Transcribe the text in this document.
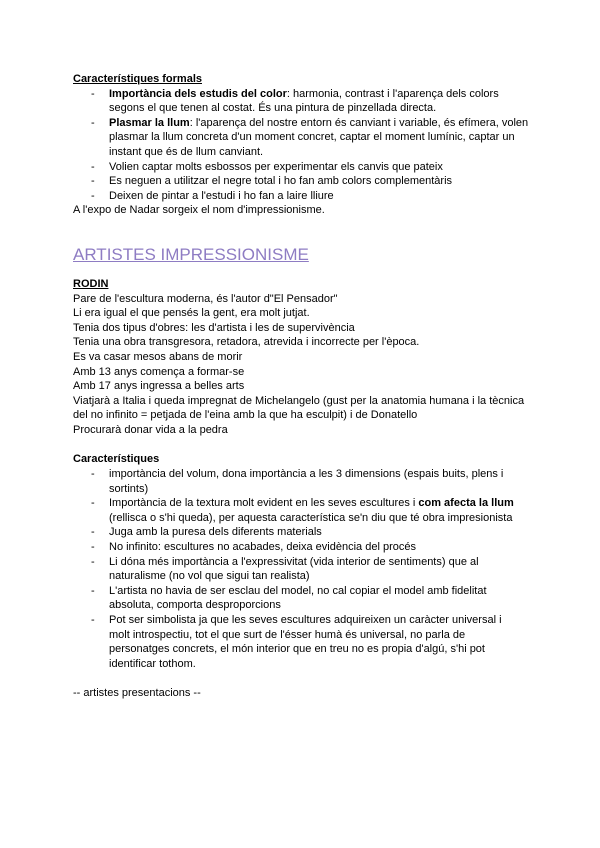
Característiques formals
- Importància dels estudis del color: harmonia, contrast i l'aparença dels colors segons el que tenen al costat. És una pintura de pinzellada directa.
- Plasmar la llum: l'aparença del nostre entorn és canviant i variable, és efímera, volen plasmar la llum concreta d'un moment concret, captar el moment lumínic, captar un instant que és de llum canviant.
- Volien captar molts esbossos per experimentar els canvis que pateix
- Es neguen a utilitzar el negre total i ho fan amb colors complementàris
- Deixen de pintar a l'estudi i ho fan a laire lliure
A l'expo de Nadar sorgeix el nom d'impressionisme.
ARTISTES IMPRESSIONISME
RODIN
Pare de l'escultura moderna, és l'autor d"El Pensador"
Li era igual el que pensés la gent, era molt jutjat.
Tenia dos tipus d'obres: les d'artista i les de supervivència
Tenia una obra transgresora, retadora, atrevida i incorrecte per l'època.
Es va casar mesos abans de morir
Amb 13 anys comença a formar-se
Amb 17 anys ingressa a belles arts
Viatjarà a Italia i queda impregnat de Michelangelo (gust per la anatomia humana i la tècnica
del no infinito = petjada de l'eina amb la que ha esculpit) i de Donatello
Procurarà donar vida a la pedra
Característiques
- importància del volum, dona importància a les 3 dimensions (espais buits, plens i
sortints)
- Importància de la textura molt evident en les seves escultures i com afecta la llum
(rellisca o s'hi queda), per aquesta característica se'n diu que té obra impresionista
- Juga amb la puresa dels diferents materials
- No infinito: escultures no acabades, deixa evidència del procés
- Li dóna més importància a l'expressivitat (vida interior de sentiments) que al
naturalisme (no vol que sigui tan realista)
- L'artista no havia de ser esclau del model, no cal copiar el model amb fidelitat
absoluta, comporta desproporcions
- Pot ser simbolista ja que les seves escultures adquireixen un caràcter universal i
molt introspectiu, tot el que surt de l'ésser humà és universal, no parla de
personatges concrets, el món interior que en treu no es propia d'algú, s'hi pot
identificar tothom.
-- artistes presentacions --
